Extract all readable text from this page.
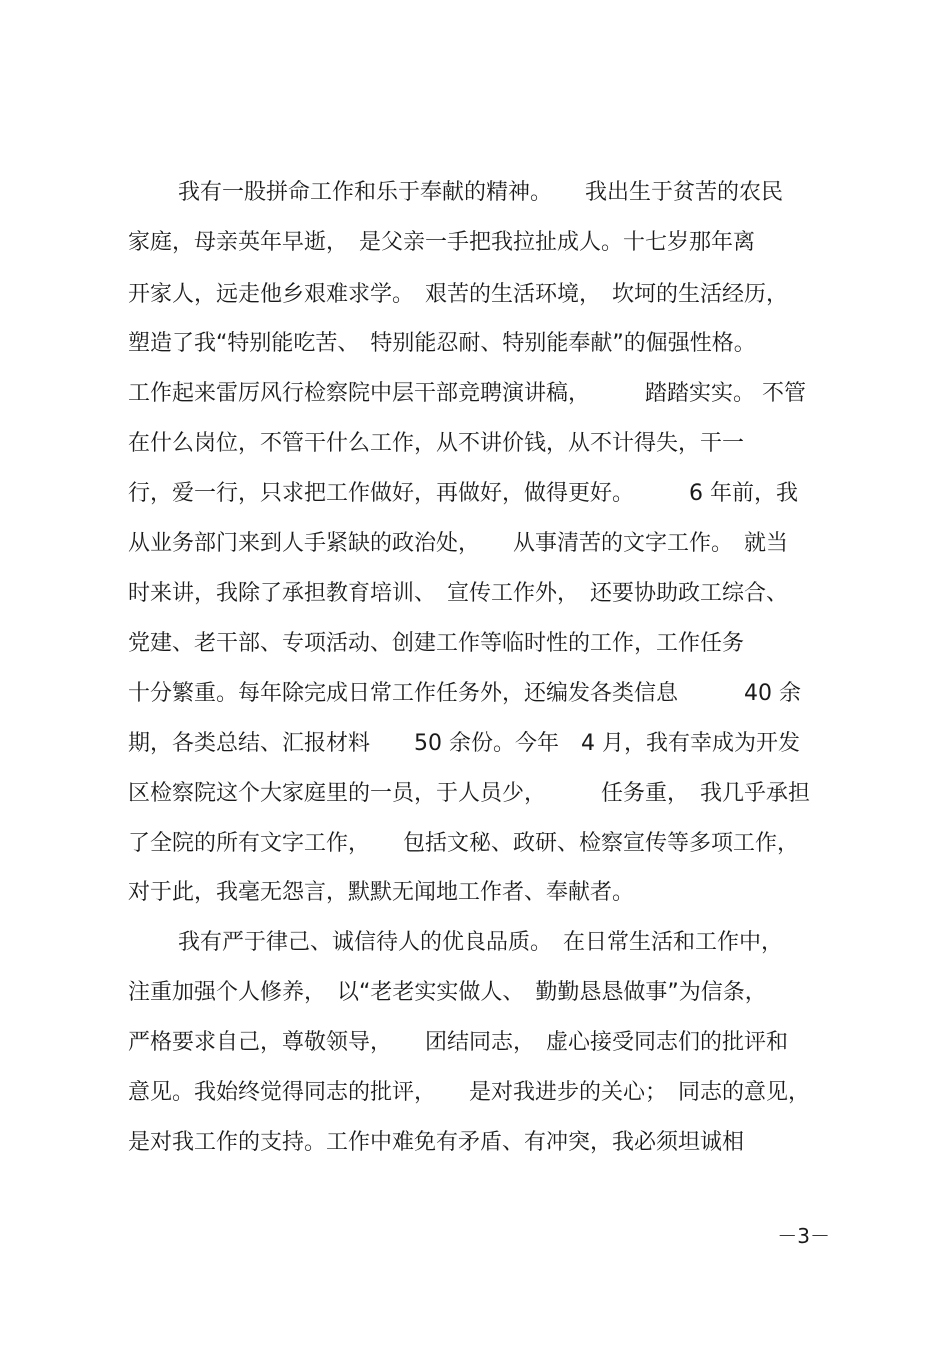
我有一股拼命工作和乐于奉献的精神。　　我出生于贫苦的农民
家庭，母亲英年早逝，　是父亲一手把我拉扯成人。十七岁那年离
开家人，远走他乡艰难求学。　艰苦的生活环境，　坎坷的生活经历，
塑造了我“特别能吃苦、　特别能忍耐、特别能奉献”的倔强性格。
工作起来雷厉风行检察院中层干部竞聘演讲稿，　　　踏踏实实。 不管
在什么岗位，不管干什么工作，从不讲价钱，从不计得失，干一
行，爱一行，只求把工作做好，再做好，做得更好。　　　6 年前，我
从业务部门来到人手紧缺的政治处，　　从事清苦的文字工作。　就当
时来讲，我除了承担教育培训、　宣传工作外，　还要协助政工综合、
党建、老干部、专项活动、创建工作等临时性的工作，工作任务
十分繁重。每年除完成日常工作任务外，还编发各类信息　　　40 余
期，各类总结、汇报材料　　50 余份。今年　4 月，我有幸成为开发
区检察院这个大家庭里的一员，于人员少，　　　任务重，　我几乎承担
了全院的所有文字工作，　　包括文秘、政研、检察宣传等多项工作，
对于此，我毫无怨言，默默无闻地工作者、奉献者。
我有严于律己、诚信待人的优良品质。　在日常生活和工作中，
注重加强个人修养，　以“老老实实做人、　勤勤恳恳做事”为信条，
严格要求自己，尊敬领导，　　团结同志，　虚心接受同志们的批评和
意见。我始终觉得同志的批评，　　是对我进步的关心；　同志的意见，
是对我工作的支持。工作中难免有矛盾、有冲突，我必须坦诚相
－3－
